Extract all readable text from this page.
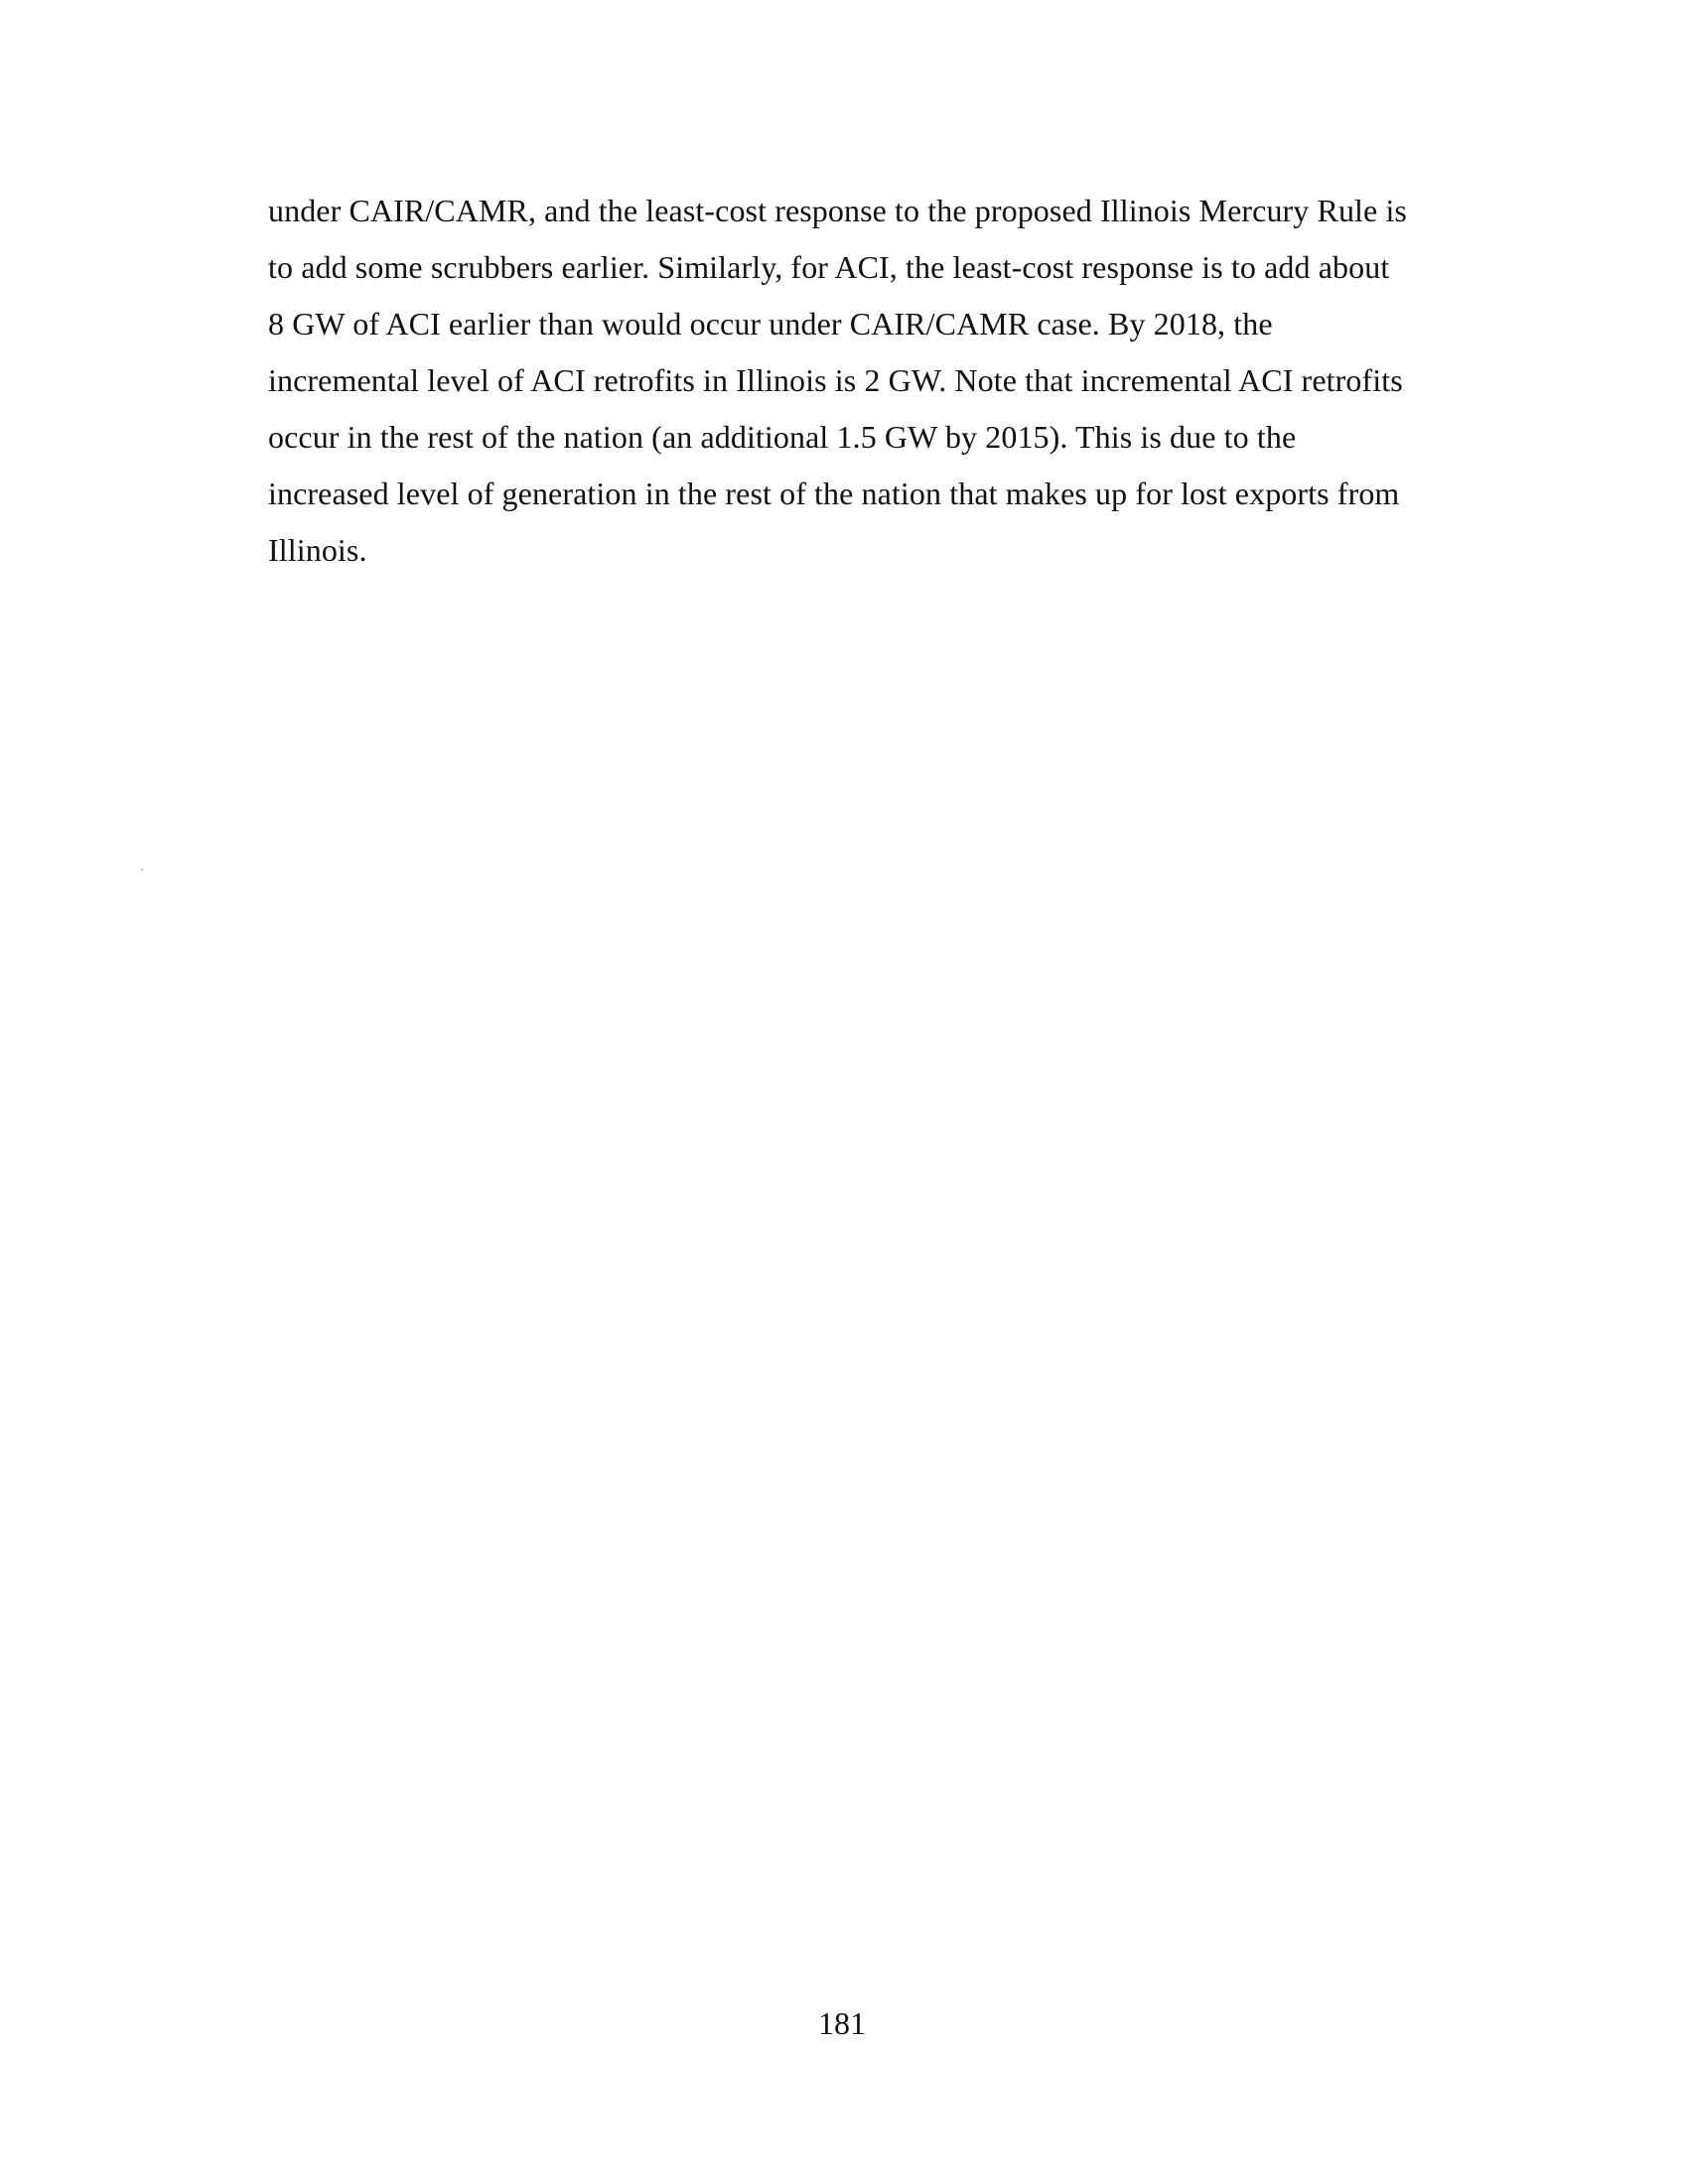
under CAIR/CAMR, and the least-cost response to the proposed Illinois Mercury Rule is
to add some scrubbers earlier. Similarly, for ACI, the least-cost response is to add about
8 GW of ACI earlier than would occur under CAIR/CAMR case. By 2018, the
incremental level of ACI retrofits in Illinois is 2 GW. Note that incremental ACI retrofits
occur in the rest of the nation (an additional 1.5 GW by 2015). This is due to the
increased level of generation in the rest of the nation that makes up for lost exports from
Illinois.
181
